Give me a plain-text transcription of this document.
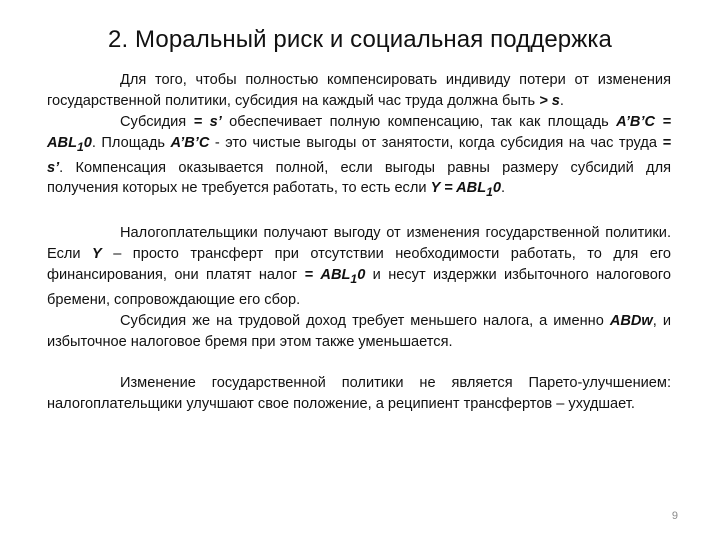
2. Моральный риск и социальная поддержка

Для того, чтобы полностью компенсировать индивиду потери от изменения государственной политики, субсидия на каждый час труда должна быть > s.

Субсидия = s’ обеспечивает полную компенсацию, так как площадь A’B’C = $ABL_10$. Площадь A’B’C - это чистые выгоды от занятости, когда субсидия на час труда = s’. Компенсация оказывается полной, если выгоды равны размеру субсидий для получения которых не требуется работать, то есть если $Y = ABL_10$.

Налогоплательщики получают выгоду от изменения государственной политики. Если Y – просто трансферт при отсутствии необходимости работать, то для его финансирования, они платят налог = $ABL_10$ и несут издержки избыточного налогового бремени, сопровождающие его сбор.

Субсидия же на трудовой доход требует меньшего налога, а именно ABDw, и избыточное налоговое бремя при этом также уменьшается.

Изменение государственной политики не является Парето-улучшением: налогоплательщики улучшают свое положение, а реципиент трансфертов – ухудшает.

9
